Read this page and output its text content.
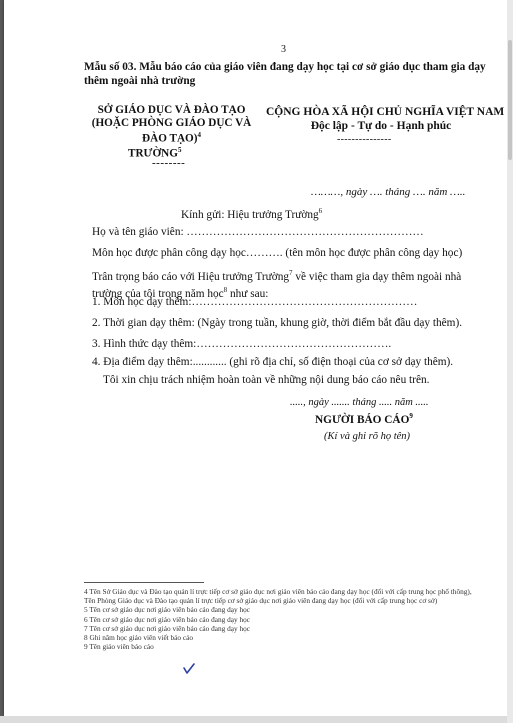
3
Mẫu số 03. Mẫu báo cáo của giáo viên đang dạy học tại cơ sở giáo dục tham gia dạy thêm ngoài nhà trường
SỞ GIÁO DỤC VÀ ĐÀO TẠO
(HOẶC PHÒNG GIÁO DỤC VÀ
ĐÀO TẠO)$^4$
TRƯỜNG$^5$
--------
CỘNG HÒA XÃ HỘI CHỦ NGHĨA VIỆT NAM
Độc lập - Tự do - Hạnh phúc
---------------
………, ngày …. tháng …. năm …..
Kính gửi: Hiệu trưởng Trường$^6$
Họ và tên giáo viên: ………………………………………………………
Môn học được phân công dạy học………. (tên môn học được phân công dạy học)
Trân trọng báo cáo với Hiệu trưởng Trường$^7$ về việc tham gia dạy thêm ngoài nhà trường của tôi trong năm học$^8$ như sau:
1. Môn học dạy thêm:……………………………………………………
2. Thời gian dạy thêm: (Ngày trong tuần, khung giờ, thời điểm bắt đầu dạy thêm).
3. Hình thức dạy thêm:…………………………………………….
4. Địa điểm dạy thêm:............ (ghi rõ địa chỉ, số điện thoại của cơ sở dạy thêm).
Tôi xin chịu trách nhiệm hoàn toàn về những nội dung báo cáo nêu trên.
....., ngày ....... tháng ..... năm .....
NGƯỜI BÁO CÁO$^9$
(Kí và ghi rõ họ tên)
4 Tên Sở Giáo dục và Đào tạo quản lí trực tiếp cơ sở giáo dục nơi giáo viên báo cáo đang dạy học (đối với cấp trung học phổ thông), Tên Phòng Giáo dục và Đào tạo quản lí trực tiếp cơ sở giáo dục nơi giáo viên đang dạy học (đối với cấp trung học cơ sở)
5 Tên cơ sở giáo dục nơi giáo viên báo cáo đang dạy học
6 Tên cơ sở giáo dục nơi giáo viên báo cáo đang dạy học
7 Tên cơ sở giáo dục nơi giáo viên báo cáo đang dạy học
8 Ghi năm học giáo viên viết báo cáo
9 Tên giáo viên báo cáo
